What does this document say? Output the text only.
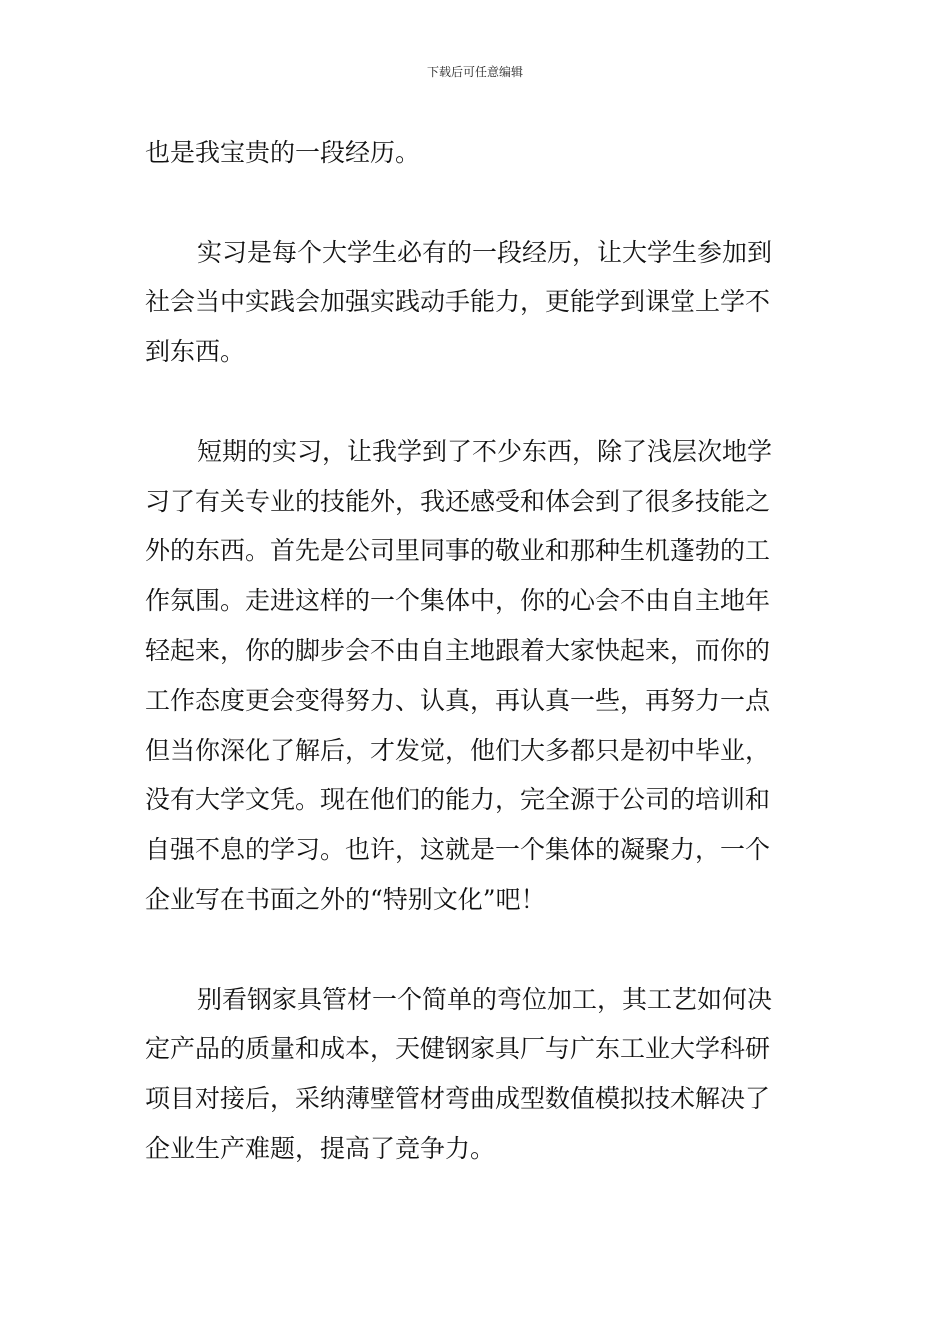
下载后可任意编辑
也是我宝贵的一段经历。
实习是每个大学生必有的一段经历，让大学生参加到
社会当中实践会加强实践动手能力，更能学到课堂上学不
到东西。
短期的实习，让我学到了不少东西，除了浅层次地学
习了有关专业的技能外，我还感受和体会到了很多技能之
外的东西。首先是公司里同事的敬业和那种生机蓬勃的工
作氛围。走进这样的一个集体中，你的心会不由自主地年
轻起来，你的脚步会不由自主地跟着大家快起来，而你的
工作态度更会变得努力、认真，再认真一些，再努力一点
但当你深化了解后，才发觉，他们大多都只是初中毕业，
没有大学文凭。现在他们的能力，完全源于公司的培训和
自强不息的学习。也许，这就是一个集体的凝聚力，一个
企业写在书面之外的“特别文化”吧！
别看钢家具管材一个简单的弯位加工，其工艺如何决
定产品的质量和成本，天健钢家具厂与广东工业大学科研
项目对接后，采纳薄壁管材弯曲成型数值模拟技术解决了
企业生产难题，提高了竞争力。
